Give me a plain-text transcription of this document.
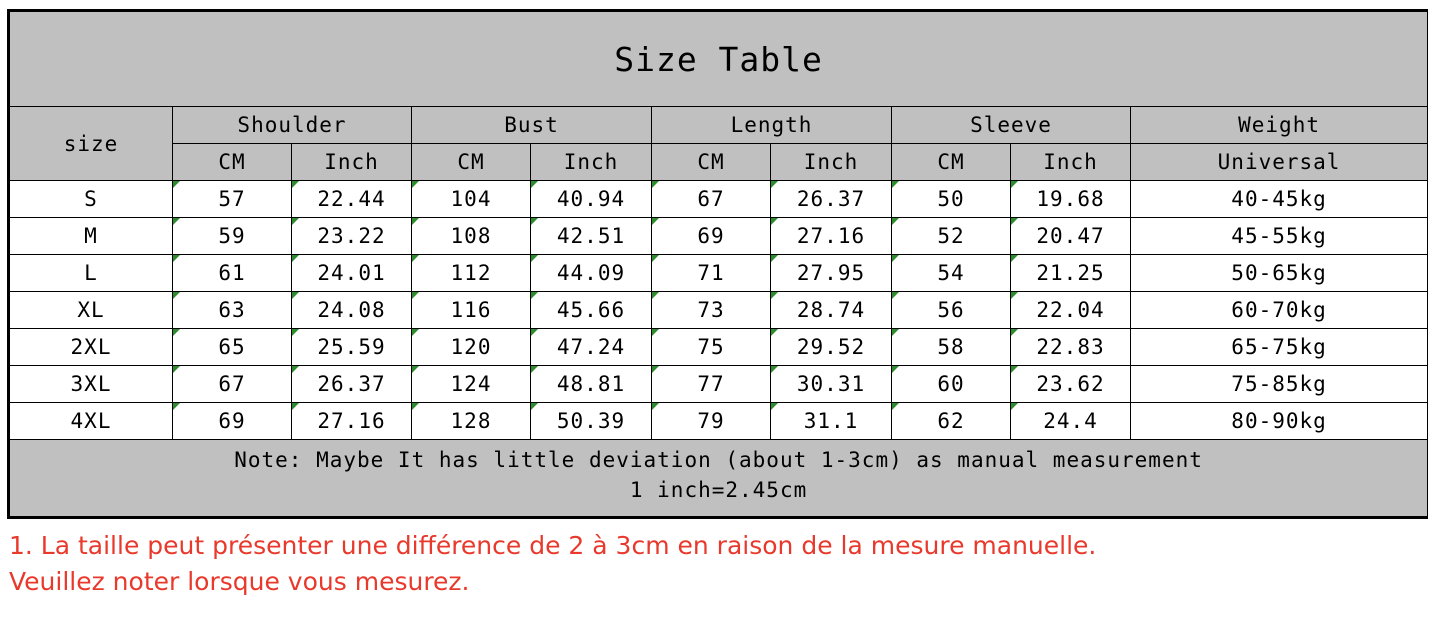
Size Table									
size	Shoulder		Bust		Length		Sleeve		Weight
	CM	Inch	CM	Inch	CM	Inch	CM	Inch	Universal
S	57	22.44	104	40.94	67	26.37	50	19.68	40-45kg
M	59	23.22	108	42.51	69	27.16	52	20.47	45-55kg
L	61	24.01	112	44.09	71	27.95	54	21.25	50-65kg
XL	63	24.08	116	45.66	73	28.74	56	22.04	60-70kg
2XL	65	25.59	120	47.24	75	29.52	58	22.83	65-75kg
3XL	67	26.37	124	48.81	77	30.31	60	23.62	75-85kg
4XL	69	27.16	128	50.39	79	31.1	62	24.4	80-90kg
Note: Maybe It has little deviation (about 1-3cm) as manual measurement
1 inch=2.45cm									
1. La taille peut présenter une différence de 2 à 3cm en raison de la mesure manuelle.
Veuillez noter lorsque vous mesurez.
